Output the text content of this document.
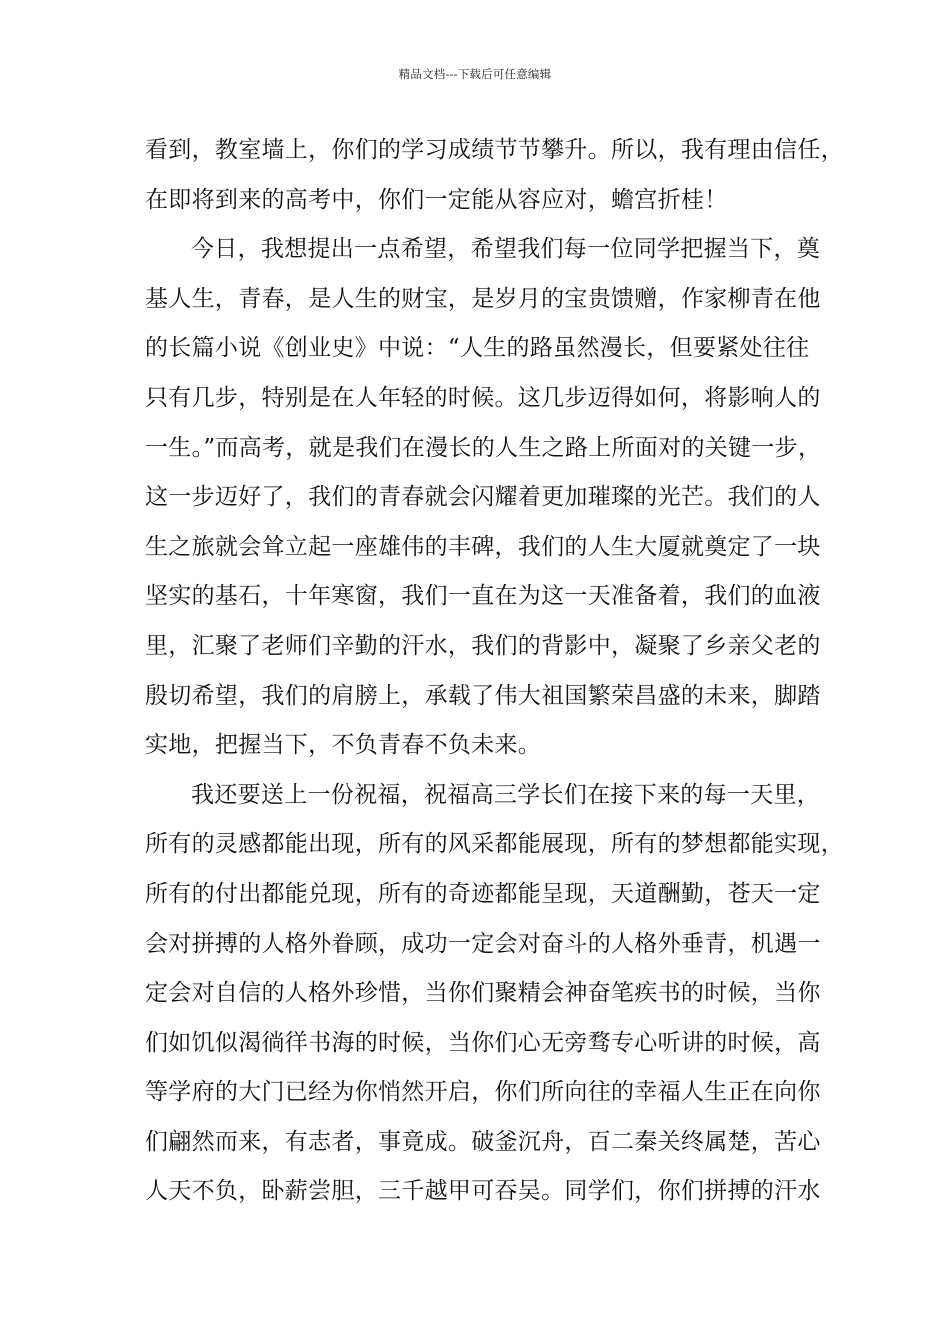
精品文档---下载后可任意编辑
看到，教室墙上，你们的学习成绩节节攀升。所以，我有理由信任，
在即将到来的高考中，你们一定能从容应对，蟾宫折桂！
今日，我想提出一点希望，希望我们每一位同学把握当下，奠
基人生，青春，是人生的财宝，是岁月的宝贵馈赠，作家柳青在他
的长篇小说《创业史》中说：“人生的路虽然漫长，但要紧处往往
只有几步，特别是在人年轻的时候。这几步迈得如何，将影响人的
一生。”而高考，就是我们在漫长的人生之路上所面对的关键一步，
这一步迈好了，我们的青春就会闪耀着更加璀璨的光芒。我们的人
生之旅就会耸立起一座雄伟的丰碑，我们的人生大厦就奠定了一块
坚实的基石，十年寒窗，我们一直在为这一天准备着，我们的血液
里，汇聚了老师们辛勤的汗水，我们的背影中，凝聚了乡亲父老的
殷切希望，我们的肩膀上，承载了伟大祖国繁荣昌盛的未来，脚踏
实地，把握当下，不负青春不负未来。
我还要送上一份祝福，祝福高三学长们在接下来的每一天里，
所有的灵感都能出现，所有的风采都能展现，所有的梦想都能实现，
所有的付出都能兑现，所有的奇迹都能呈现，天道酬勤，苍天一定
会对拼搏的人格外眷顾，成功一定会对奋斗的人格外垂青，机遇一
定会对自信的人格外珍惜，当你们聚精会神奋笔疾书的时候，当你
们如饥似渴徜徉书海的时候，当你们心无旁骛专心听讲的时候，高
等学府的大门已经为你悄然开启，你们所向往的幸福人生正在向你
们翩然而来，有志者，事竟成。破釜沉舟，百二秦关终属楚，苦心
人天不负，卧薪尝胆，三千越甲可吞吴。同学们，你们拼搏的汗水
